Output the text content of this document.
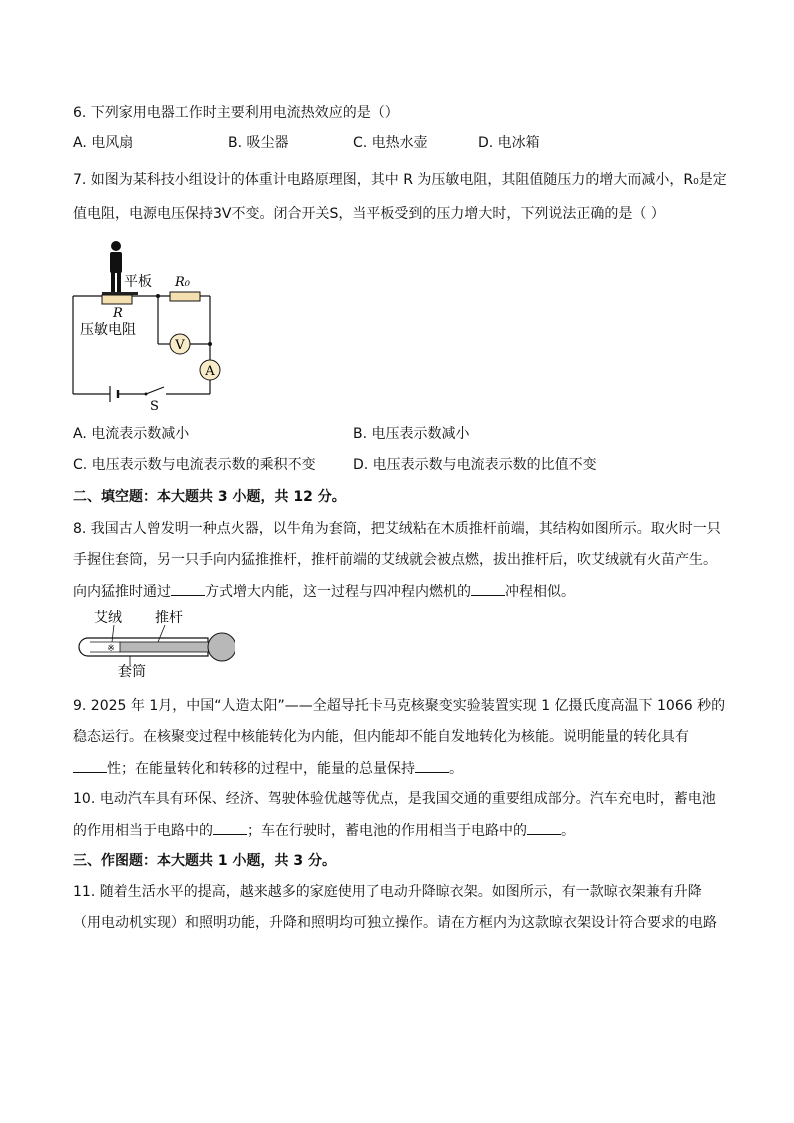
6. 下列家用电器工作时主要利用电流热效应的是（）
A. 电风扇	B. 吸尘器	C. 电热水壶	D. 电冰箱
7. 如图为某科技小组设计的体重计电路原理图，其中 R 为压敏电阻，其阻值随压力的增大而减小，R₀是定
值电阻，电源电压保持3V不变。闭合开关S，当平板受到的压力增大时，下列说法正确的是（ ）
V
A
平板 R₀
R
压敏电阻
S
A. 电流表示数减小	B. 电压表示数减小
C. 电压表示数与电流表示数的乘积不变	D. 电压表示数与电流表示数的比值不变
二、填空题：本大题共 3 小题，共 12 分。
8. 我国古人曾发明一种点火器，以牛角为套筒，把艾绒粘在木质推杆前端，其结构如图所示。取火时一只
手握住套筒，另一只手向内猛推推杆，推杆前端的艾绒就会被点燃，拔出推杆后，吹艾绒就有火苗产生。
向内猛推时通过 方式增大内能，这一过程与四冲程内燃机的 冲程相似。
※
艾绒 推杆
套筒
9. 2025 年 1月，中国“人造太阳”——全超导托卡马克核聚变实验装置实现 1 亿摄氏度高温下 1066 秒的
稳态运行。在核聚变过程中核能转化为内能，但内能却不能自发地转化为核能。说明能量的转化具有
性；在能量转化和转移的过程中，能量的总量保持 。
10. 电动汽车具有环保、经济、驾驶体验优越等优点，是我国交通的重要组成部分。汽车充电时，蓄电池
的作用相当于电路中的 ；车在行驶时，蓄电池的作用相当于电路中的 。
三、作图题：本大题共 1 小题，共 3 分。
11. 随着生活水平的提高，越来越多的家庭使用了电动升降晾衣架。如图所示，有一款晾衣架兼有升降
（用电动机实现）和照明功能，升降和照明均可独立操作。请在方框内为这款晾衣架设计符合要求的电路
